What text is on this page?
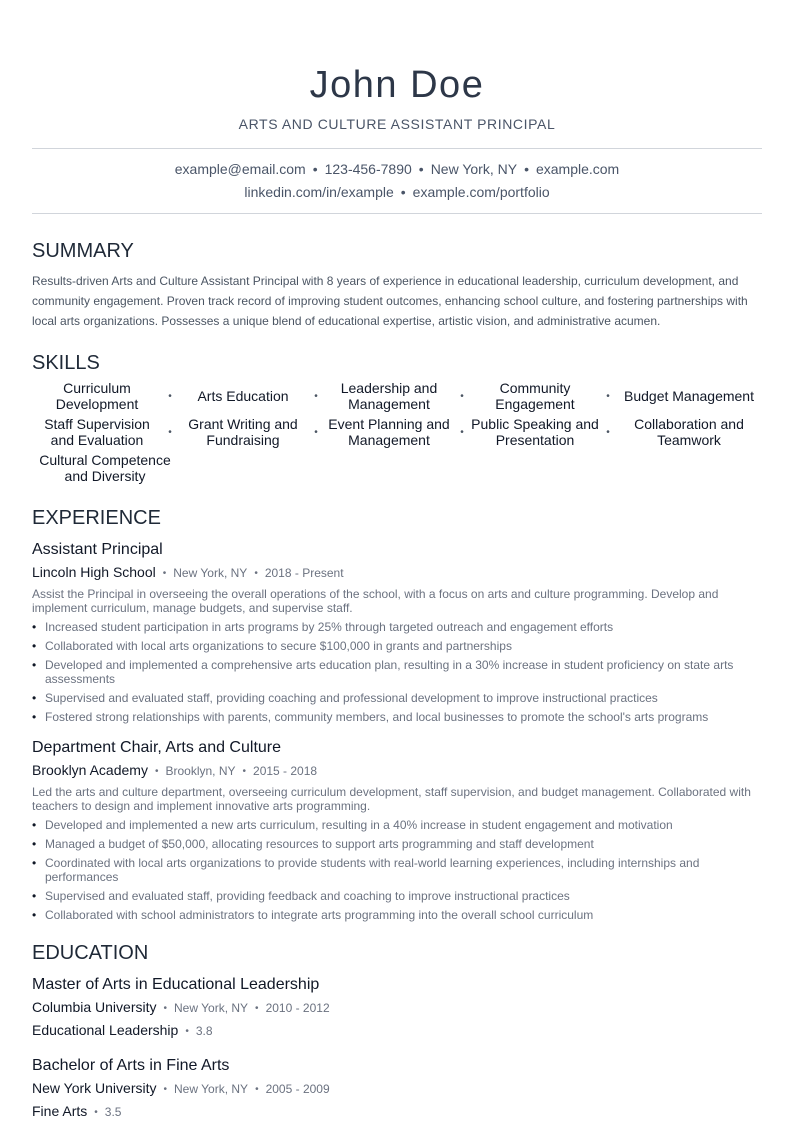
John Doe
ARTS AND CULTURE ASSISTANT PRINCIPAL
example@email.com • 123-456-7890 • New York, NY • example.com
linkedin.com/in/example • example.com/portfolio
SUMMARY

Results-driven Arts and Culture Assistant Principal with 8 years of experience in educational leadership, curriculum development, and community engagement. Proven track record of improving student outcomes, enhancing school culture, and fostering partnerships with local arts organizations. Possesses a unique blend of educational expertise, artistic vision, and administrative acumen.

SKILLS
Curriculum Development	•	Arts Education	•	Leadership and Management	•	Community Engagement	•	Budget Management
Staff Supervision and Evaluation	•	Grant Writing and Fundraising	• Event Planning and Management	• Public Speaking and Presentation	•	Collaboration and Teamwork
Cultural Competence and Diversity
EXPERIENCE
Assistant Principal
Lincoln High School • New York, NY • 2018 - Present
Assist the Principal in overseeing the overall operations of the school, with a focus on arts and culture programming. Develop and implement curriculum, manage budgets, and supervise staff.
• Increased student participation in arts programs by 25% through targeted outreach and engagement efforts
• Collaborated with local arts organizations to secure $100,000 in grants and partnerships
• Developed and implemented a comprehensive arts education plan, resulting in a 30% increase in student proficiency on state arts assessments
• Supervised and evaluated staff, providing coaching and professional development to improve instructional practices
• Fostered strong relationships with parents, community members, and local businesses to promote the school's arts programs
Department Chair, Arts and Culture
Brooklyn Academy • Brooklyn, NY • 2015 - 2018
Led the arts and culture department, overseeing curriculum development, staff supervision, and budget management. Collaborated with teachers to design and implement innovative arts programming.
• Developed and implemented a new arts curriculum, resulting in a 40% increase in student engagement and motivation
• Managed a budget of $50,000, allocating resources to support arts programming and staff development
• Coordinated with local arts organizations to provide students with real-world learning experiences, including internships and performances
• Supervised and evaluated staff, providing feedback and coaching to improve instructional practices
• Collaborated with school administrators to integrate arts programming into the overall school curriculum
EDUCATION
Master of Arts in Educational Leadership
Columbia University • New York, NY • 2010 - 2012
Educational Leadership • 3.8
Bachelor of Arts in Fine Arts
New York University • New York, NY • 2005 - 2009
Fine Arts • 3.5
